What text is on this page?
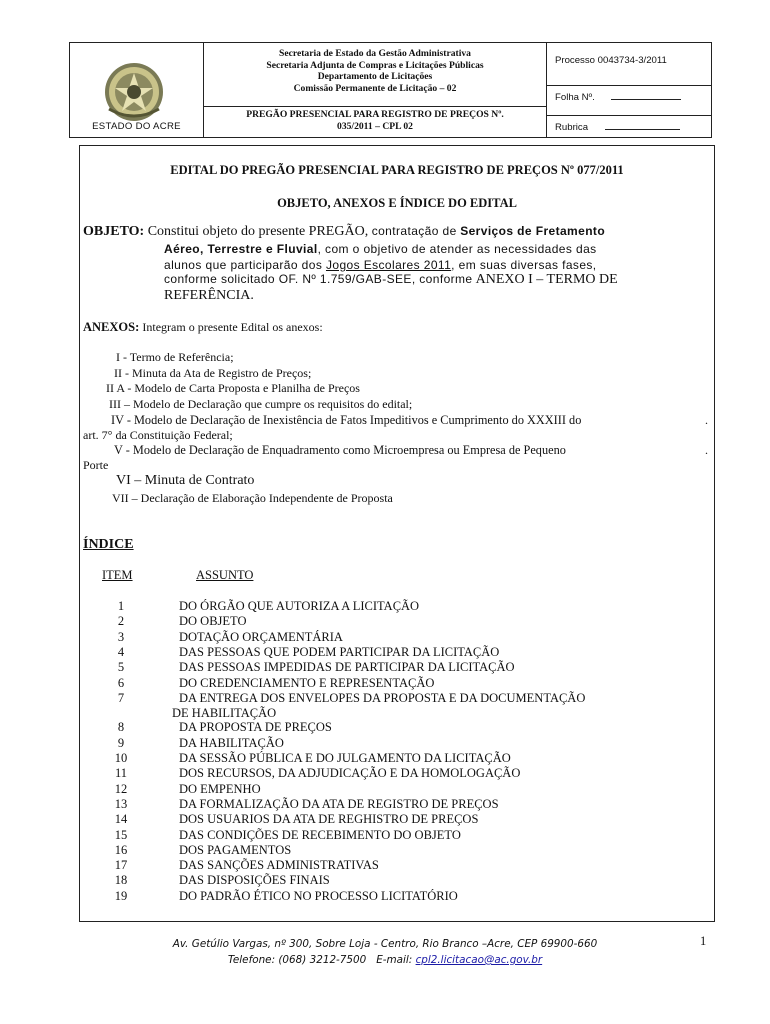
ESTADO DO ACRE
Secretaria de Estado da Gestão Administrativa
Secretaria Adjunta de Compras e Licitações Públicas
Departamento de Licitações
Comissão Permanente de Licitação – 02
PREGÃO PRESENCIAL PARA REGISTRO DE PREÇOS Nº.
035/2011 – CPL 02
Processo 0043734-3/2011
Folha Nº.
Rubrica
EDITAL DO PREGÃO PRESENCIAL PARA REGISTRO DE PREÇOS Nº 077/2011
OBJETO, ANEXOS E ÍNDICE DO EDITAL
OBJETO: Constitui objeto do presente PREGÃO, contratação de Serviços de Fretamento
Aéreo, Terrestre e Fluvial, com o objetivo de atender as necessidades das
alunos que participarão dos Jogos Escolares 2011, em suas diversas fases,
conforme solicitado OF. Nº 1.759/GAB-SEE, conforme ANEXO I – TERMO DE
REFERÊNCIA.
ANEXOS: Integram o presente Edital os anexos:
I - Termo de Referência;
II - Minuta da Ata de Registro de Preços;
II A - Modelo de Carta Proposta e Planilha de Preços
III – Modelo de Declaração que cumpre os requisitos do edital;
IV - Modelo de Declaração de Inexistência de Fatos Impeditivos e Cumprimento do XXXIII do	.
art. 7° da Constituição Federal;
V - Modelo de Declaração de Enquadramento como Microempresa ou Empresa de Pequeno	.
Porte
VI – Minuta de Contrato
VII – Declaração de Elaboração Independente de Proposta
ÍNDICE
ITEM	ASSUNTO
1	DO ÓRGÃO QUE AUTORIZA A LICITAÇÃO
2	DO OBJETO
3	DOTAÇÃO ORÇAMENTÁRIA
4	DAS PESSOAS QUE PODEM PARTICIPAR DA LICITAÇÃO
5	DAS PESSOAS IMPEDIDAS DE PARTICIPAR DA LICITAÇÃO
6	DO CREDENCIAMENTO E REPRESENTAÇÃO
7	DA ENTREGA DOS ENVELOPES DA PROPOSTA E DA DOCUMENTAÇÃO
DE HABILITAÇÃO
8	DA PROPOSTA DE PREÇOS
9	DA HABILITAÇÃO
10	DA SESSÃO PÚBLICA E DO JULGAMENTO DA LICITAÇÃO
11	DOS RECURSOS, DA ADJUDICAÇÃO E DA HOMOLOGAÇÃO
12	DO EMPENHO
13	DA FORMALIZAÇÃO DA ATA DE REGISTRO DE PREÇOS
14	DOS USUARIOS DA ATA DE REGHISTRO DE PREÇOS
15	DAS CONDIÇÕES DE RECEBIMENTO DO OBJETO
16	DOS PAGAMENTOS
17	DAS SANÇÕES ADMINISTRATIVAS
18	DAS DISPOSIÇÕES FINAIS
19	DO PADRÃO ÉTICO NO PROCESSO LICITATÓRIO
Av. Getúlio Vargas, nº 300, Sobre Loja - Centro, Rio Branco –Acre, CEP 69900-660
Telefone: (068) 3212-7500 E-mail: cpl2.licitacao@ac.gov.br
1
